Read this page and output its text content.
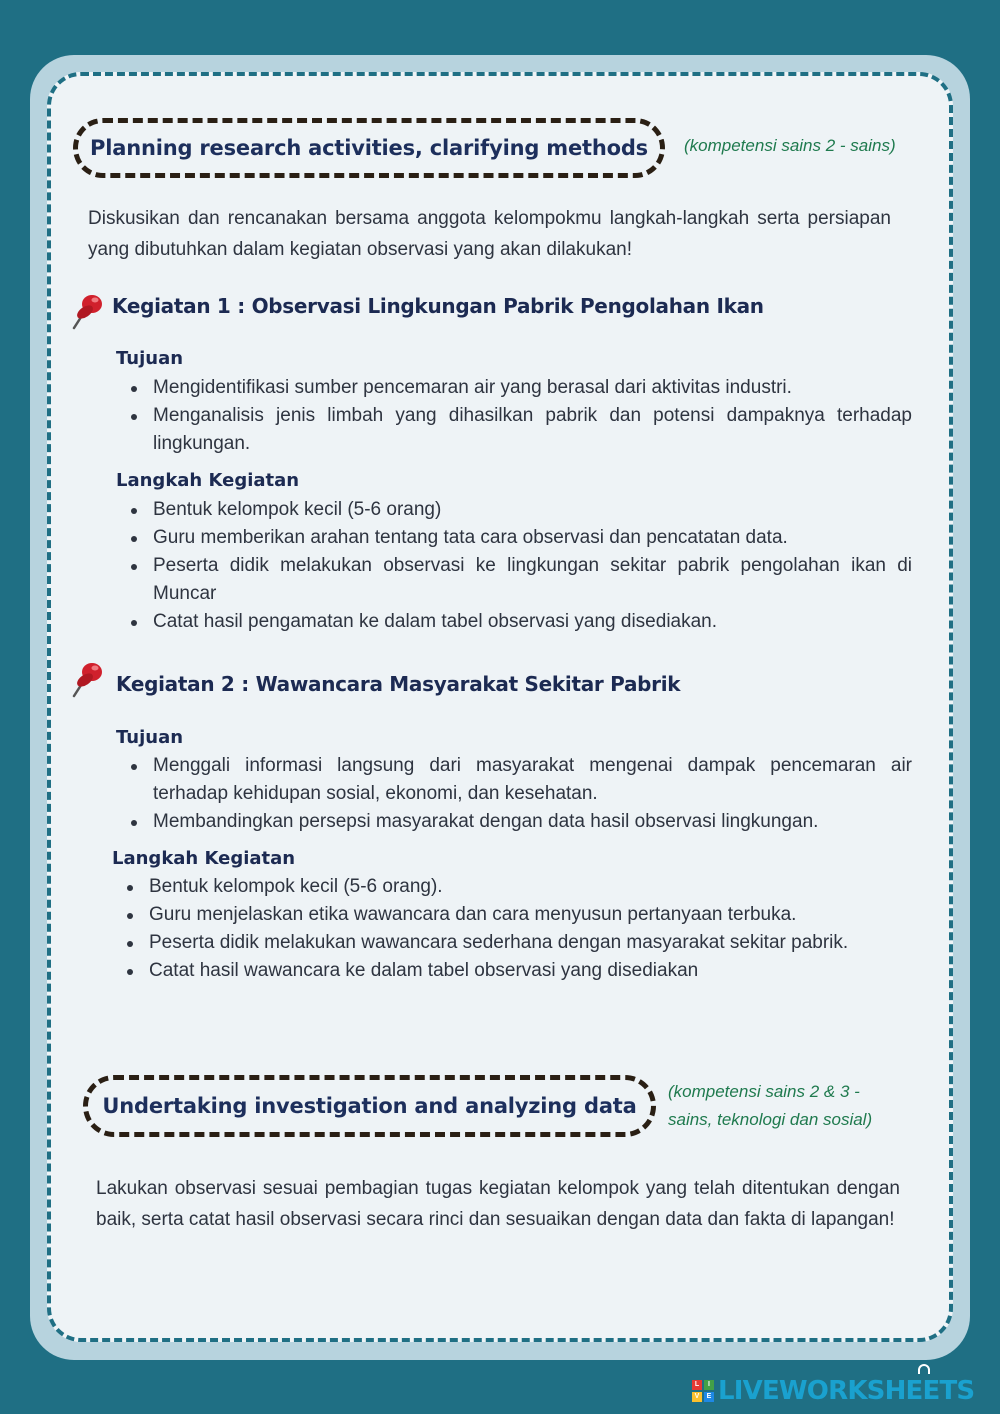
Planning research activities, clarifying methods (kompetensi sains 2 - sains)
Diskusikan dan rencanakan bersama anggota kelompokmu langkah-langkah serta persiapan yang dibutuhkan dalam kegiatan observasi yang akan dilakukan!
Kegiatan 1 : Observasi Lingkungan Pabrik Pengolahan Ikan
Tujuan
Mengidentifikasi sumber pencemaran air yang berasal dari aktivitas industri.
Menganalisis jenis limbah yang dihasilkan pabrik dan potensi dampaknya terhadap lingkungan.
Langkah Kegiatan
Bentuk kelompok kecil (5-6 orang)
Guru memberikan arahan tentang tata cara observasi dan pencatatan data.
Peserta didik melakukan observasi ke lingkungan sekitar pabrik pengolahan ikan di Muncar
Catat hasil pengamatan ke dalam tabel observasi yang disediakan.
Kegiatan 2 : Wawancara Masyarakat Sekitar Pabrik
Tujuan
Menggali informasi langsung dari masyarakat mengenai dampak pencemaran air terhadap kehidupan sosial, ekonomi, dan kesehatan.
Membandingkan persepsi masyarakat dengan data hasil observasi lingkungan.
Langkah Kegiatan
Bentuk kelompok kecil (5-6 orang).
Guru menjelaskan etika wawancara dan cara menyusun pertanyaan terbuka.
Peserta didik melakukan wawancara sederhana dengan masyarakat sekitar pabrik.
Catat hasil wawancara ke dalam tabel observasi yang disediakan
Undertaking investigation and analyzing data
(kompetensi sains 2 & 3 -
sains, teknologi dan sosial)
Lakukan observasi sesuai pembagian tugas kegiatan kelompok yang telah ditentukan dengan baik, serta catat hasil observasi secara rinci dan sesuaikan dengan data dan fakta di lapangan!
L	I
V	E LIVEWORKSHEETS
